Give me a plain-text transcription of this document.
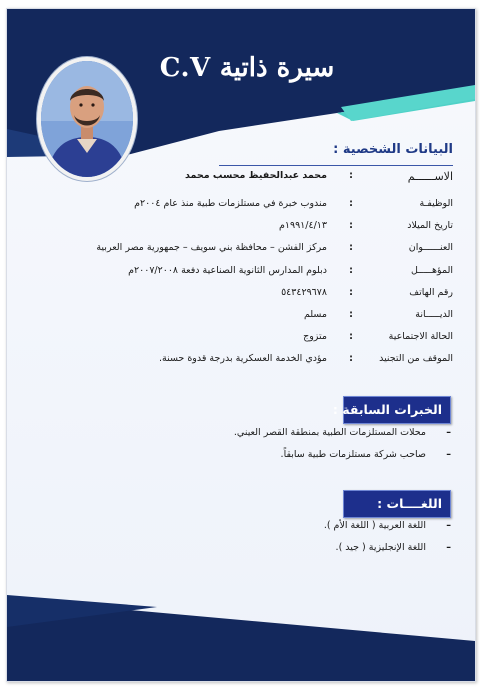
سيرة ذاتية C.V
البيانات الشخصية :
الاســــــم
:
محمد عبدالحفيظ محسب محمد
الوظيفـة
:
مندوب خبرة في مستلزمات طبية منذ عام ٢٠٠٤م
تاريخ الميلاد
:
١٩٩١/٤/١٣م
العنــــــوان
:
مركز الفشن – محافظة بني سويف – جمهورية مصر العربية
المؤهـــــل
:
دبلوم المدارس الثانوية الصناعية دفعة ٢٠٠٧/٢٠٠٨م
رقم الهاتف
:
٥٤٣٤٢٩٦٧٨
الديـــــانة
:
مسلم
الحالة الاجتماعية
:
متزوج
الموقف من التجنيد
:
مؤدي الخدمة العسكرية بدرجة قدوة حسنة.
الخبرات السابقة :
– محلات المستلزمات الطبية بمنطقة القصر العيني.
– صاحب شركة مستلزمات طبية سابقاً.
اللغــــات :
– اللغة العربية ( اللغة الأم ).
– اللغة الإنجليزية ( جيد ).
